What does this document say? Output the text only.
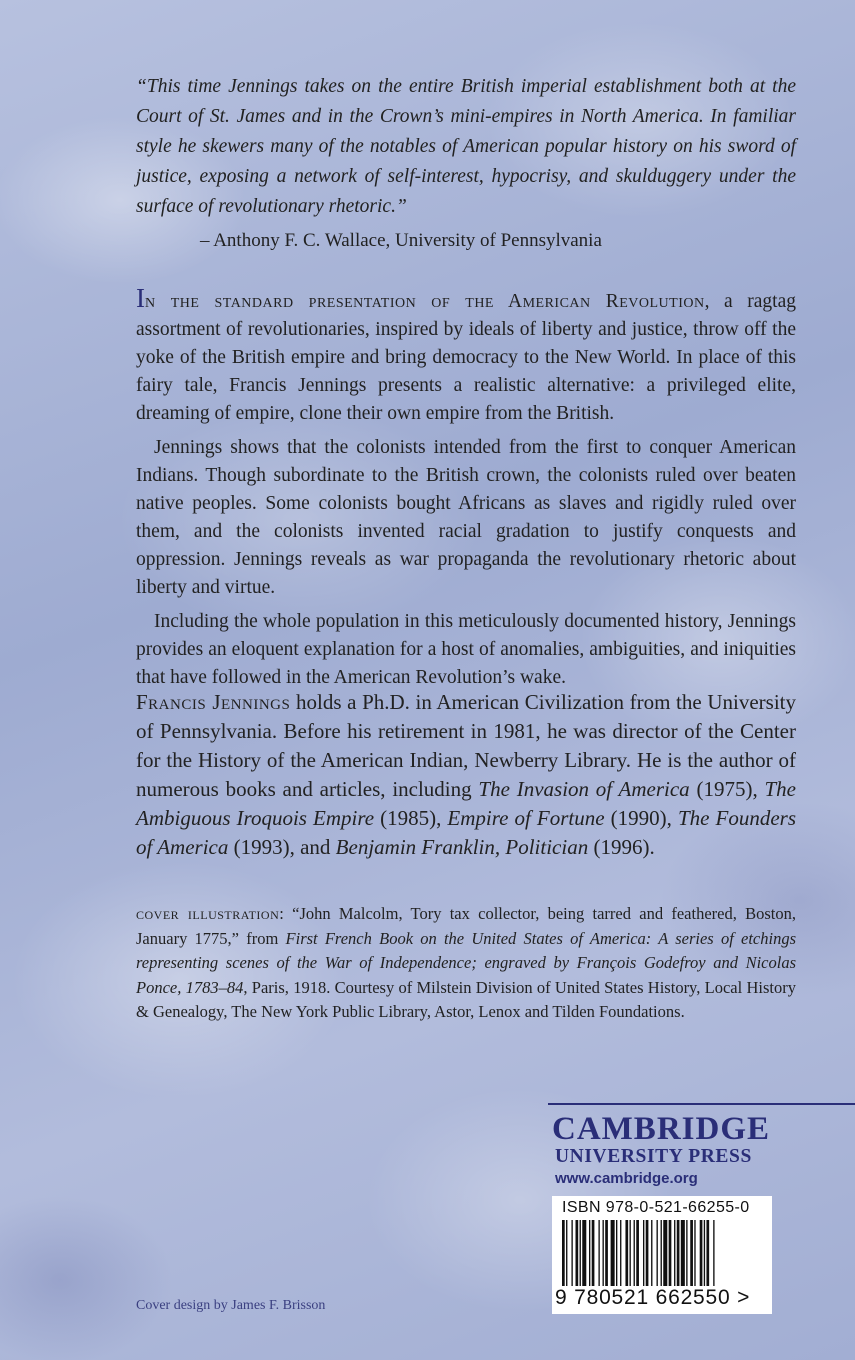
“This time Jennings takes on the entire British imperial establishment both at the Court of St. James and in the Crown’s mini-empires in North America. In familiar style he skewers many of the notables of American popular history on his sword of justice, exposing a network of self-interest, hypocrisy, and skulduggery under the surface of revolutionary rhetoric.”
– Anthony F. C. Wallace, University of Pennsylvania

In the standard presentation of the American Revolution, a ragtag assortment of revolutionaries, inspired by ideals of liberty and justice, throw off the yoke of the British empire and bring democracy to the New World. In place of this fairy tale, Francis Jennings presents a realistic alternative: a privileged elite, dreaming of empire, clone their own empire from the British.

Jennings shows that the colonists intended from the first to conquer American Indians. Though subordinate to the British crown, the colonists ruled over beaten native peoples. Some colonists bought Africans as slaves and rigidly ruled over them, and the colonists invented racial gradation to justify conquests and oppression. Jennings reveals as war propaganda the revolutionary rhetoric about liberty and virtue.

Including the whole population in this meticulously documented history, Jennings provides an eloquent explanation for a host of anomalies, ambiguities, and iniquities that have followed in the American Revolution’s wake.

Francis Jennings holds a Ph.D. in American Civilization from the University of Pennsylvania. Before his retirement in 1981, he was director of the Center for the History of the American Indian, Newberry Library. He is the author of numerous books and articles, including The Invasion of America (1975), The Ambiguous Iroquois Empire (1985), Empire of Fortune (1990), The Founders of America (1993), and Benjamin Franklin, Politician (1996).
cover illustration: “John Malcolm, Tory tax collector, being tarred and feathered, Boston, January 1775,” from First French Book on the United States of America: A series of etchings representing scenes of the War of Independence; engraved by François Godefroy and Nicolas Ponce, 1783–84, Paris, 1918. Courtesy of Milstein Division of United States History, Local History & Genealogy, The New York Public Library, Astor, Lenox and Tilden Foundations.
CAMBRIDGE
UNIVERSITY PRESS
www.cambridge.org
ISBN 978-0-521-66255-0
9 780521 662550 >
Cover design by James F. Brisson
